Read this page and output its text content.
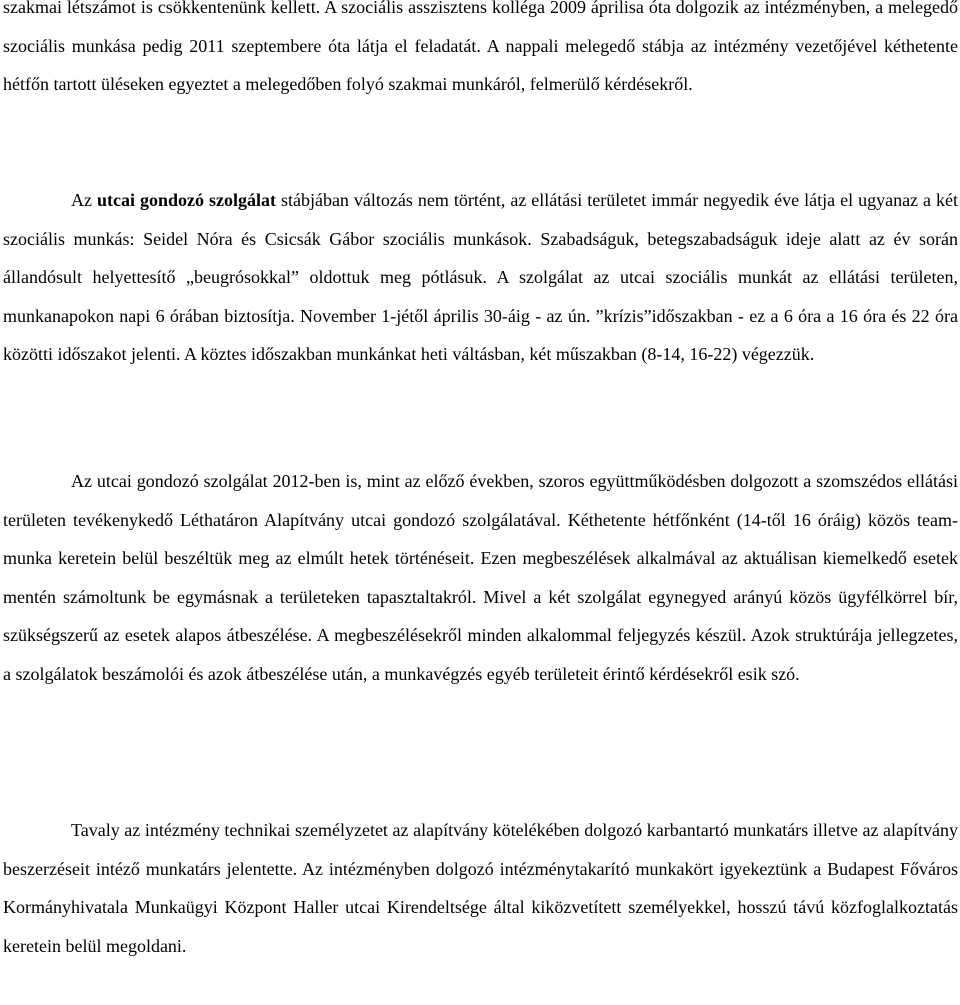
szakmai létszámot is csökkentenünk kellett. A szociális asszisztens kolléga 2009 áprilisa óta dolgozik az intézményben, a melegedő szociális munkása pedig 2011 szeptembere óta látja el feladatát. A nappali melegedő stábja az intézmény vezetőjével kéthetente hétfőn tartott üléseken egyeztet a melegedőben folyó szakmai munkáról, felmerülő kérdésekről.

Az utcai gondozó szolgálat stábjában változás nem történt, az ellátási területet immár negyedik éve látja el ugyanaz a két szociális munkás: Seidel Nóra és Csicsák Gábor szociális munkások. Szabadságuk, betegszabadságuk ideje alatt az év során állandósult helyettesítő „beugrósokkal” oldottuk meg pótlásuk. A szolgálat az utcai szociális munkát az ellátási területen, munkanapokon napi 6 órában biztosítja. November 1-jétől április 30-áig - az ún. ”krízis”időszakban - ez a 6 óra a 16 óra és 22 óra közötti időszakot jelenti. A köztes időszakban munkánkat heti váltásban, két műszakban (8-14, 16-22) végezzük.

Az utcai gondozó szolgálat 2012-ben is, mint az előző években, szoros együttműködésben dolgozott a szomszédos ellátási területen tevékenykedő Léthatáron Alapítvány utcai gondozó szolgálatával. Kéthetente hétfőnként (14-től 16 óráig) közös team-munka keretein belül beszéltük meg az elmúlt hetek történéseit. Ezen megbeszélések alkalmával az aktuálisan kiemelkedő esetek mentén számoltunk be egymásnak a területeken tapasztaltakról. Mivel a két szolgálat egynegyed arányú közös ügyfélkörrel bír, szükségszerű az esetek alapos átbeszélése. A megbeszélésekről minden alkalommal feljegyzés készül. Azok struktúrája jellegzetes, a szolgálatok beszámolói és azok átbeszélése után, a munkavégzés egyéb területeit érintő kérdésekről esik szó.

Tavaly az intézmény technikai személyzetet az alapítvány kötelékében dolgozó karbantartó munkatárs illetve az alapítvány beszerzéseit intéző munkatárs jelentette. Az intézményben dolgozó intézménytakarító munkakört igyekeztünk a Budapest Főváros Kormányhivatala Munkaügyi Központ Haller utcai Kirendeltsége által kiközvetített személyekkel, hosszú távú közfoglalkoztatás keretein belül megoldani.
